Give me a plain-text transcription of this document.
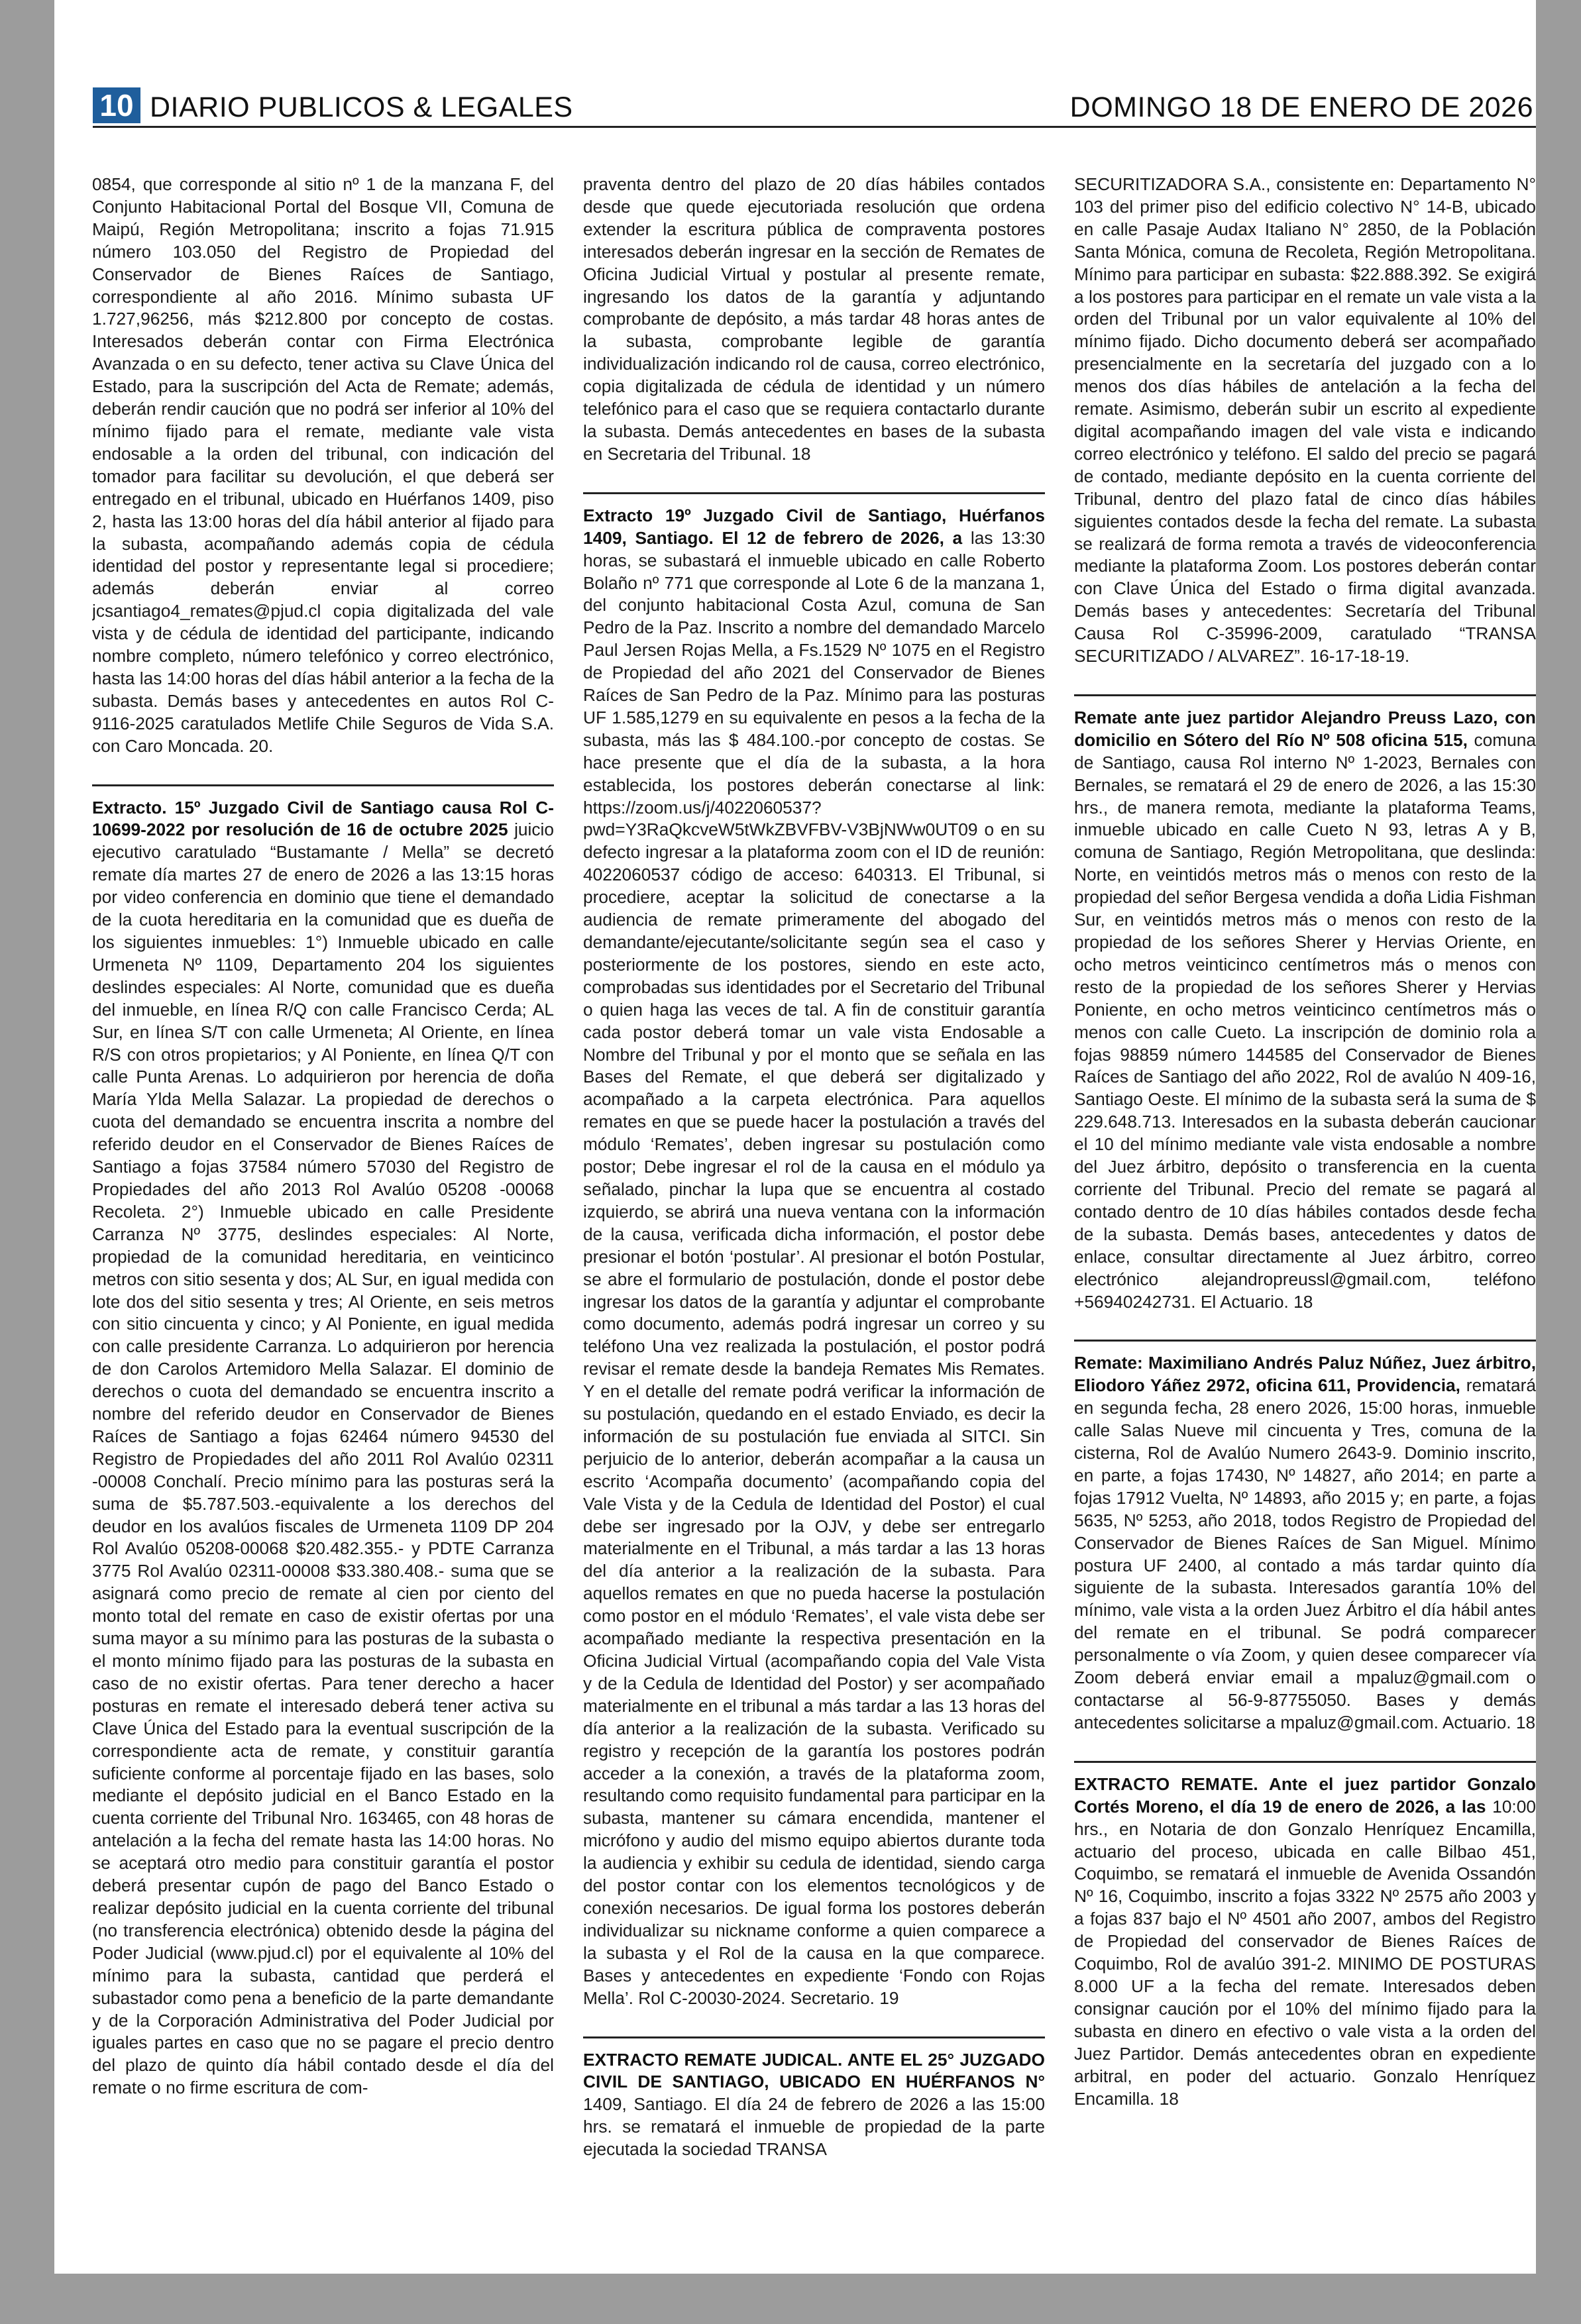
10 DIARIO PUBLICOS & LEGALES	DOMINGO 18 DE ENERO DE 2026

0854, que corresponde al sitio nº 1 de la manzana F, del Conjunto Habitacional Portal del Bosque VII, Comuna de Maipú, Región Metropolitana; inscrito a fojas 71.915 número 103.050 del Registro de Propiedad del Conservador de Bienes Raíces de Santiago, correspondiente al año 2016. Mínimo subasta UF 1.727,96256, más $212.800 por concepto de costas. Interesados deberán contar con Firma Electrónica Avanzada o en su defecto, tener activa su Clave Única del Estado, para la suscripción del Acta de Remate; además, deberán rendir caución que no podrá ser inferior al 10% del mínimo fijado para el remate, mediante vale vista endosable a la orden del tribunal, con indicación del tomador para facilitar su devolución, el que deberá ser entregado en el tribunal, ubicado en Huérfanos 1409, piso 2, hasta las 13:00 horas del día hábil anterior al fijado para la subasta, acompañando además copia de cédula identidad del postor y representante legal si procediere; además deberán enviar al correo jcsantiago4_remates@pjud.cl copia digitalizada del vale vista y de cédula de identidad del participante, indicando nombre completo, número telefónico y correo electrónico, hasta las 14:00 horas del días hábil anterior a la fecha de la subasta. Demás bases y antecedentes en autos Rol C-9116-2025 caratulados Metlife Chile Seguros de Vida S.A. con Caro Moncada. 20.

Extracto. 15º Juzgado Civil de Santiago causa Rol C-10699-2022 por resolución de 16 de octubre 2025 juicio ejecutivo caratulado “Bustamante / Mella” se decretó remate día martes 27 de enero de 2026 a las 13:15 horas por video conferencia en dominio que tiene el demandado de la cuota hereditaria en la comunidad que es dueña de los siguientes inmuebles: 1°) Inmueble ubicado en calle Urmeneta Nº 1109, Departamento 204 los siguientes deslindes especiales: Al Norte, comunidad que es dueña del inmueble, en línea R/Q con calle Francisco Cerda; AL Sur, en línea S/T con calle Urmeneta; Al Oriente, en línea R/S con otros propietarios; y Al Poniente, en línea Q/T con calle Punta Arenas. Lo adquirieron por herencia de doña María Ylda Mella Salazar. La propiedad de derechos o cuota del demandado se encuentra inscrita a nombre del referido deudor en el Conservador de Bienes Raíces de Santiago a fojas 37584 número 57030 del Registro de Propiedades del año 2013 Rol Avalúo 05208 -00068 Recoleta. 2°) Inmueble ubicado en calle Presidente Carranza Nº 3775, deslindes especiales: Al Norte, propiedad de la comunidad hereditaria, en veinticinco metros con sitio sesenta y dos; AL Sur, en igual medida con lote dos del sitio sesenta y tres; Al Oriente, en seis metros con sitio cincuenta y cinco; y Al Poniente, en igual medida con calle presidente Carranza. Lo adquirieron por herencia de don Carolos Artemidoro Mella Salazar. El dominio de derechos o cuota del demandado se encuentra inscrito a nombre del referido deudor en Conservador de Bienes Raíces de Santiago a fojas 62464 número 94530 del Registro de Propiedades del año 2011 Rol Avalúo 02311 -00008 Conchalí. Precio mínimo para las posturas será la suma de $5.787.503.-equivalente a los derechos del deudor en los avalúos fiscales de Urmeneta 1109 DP 204 Rol Avalúo 05208-00068 $20.482.355.- y PDTE Carranza 3775 Rol Avalúo 02311-00008 $33.380.408.- suma que se asignará como precio de remate al cien por ciento del monto total del remate en caso de existir ofertas por una suma mayor a su mínimo para las posturas de la subasta o el monto mínimo fijado para las posturas de la subasta en caso de no existir ofertas. Para tener derecho a hacer posturas en remate el interesado deberá tener activa su Clave Única del Estado para la eventual suscripción de la correspondiente acta de remate, y constituir garantía suficiente conforme al porcentaje fijado en las bases, solo mediante el depósito judicial en el Banco Estado en la cuenta corriente del Tribunal Nro. 163465, con 48 horas de antelación a la fecha del remate hasta las 14:00 horas. No se aceptará otro medio para constituir garantía el postor deberá presentar cupón de pago del Banco Estado o realizar depósito judicial en la cuenta corriente del tribunal (no transferencia electrónica) obtenido desde la página del Poder Judicial (www.pjud.cl) por el equivalente al 10% del mínimo para la subasta, cantidad que perderá el subastador como pena a beneficio de la parte demandante y de la Corporación Administrativa del Poder Judicial por iguales partes en caso que no se pagare el precio dentro del plazo de quinto día hábil contado desde el día del remate o no firme escritura de com-

praventa dentro del plazo de 20 días hábiles contados desde que quede ejecutoriada resolución que ordena extender la escritura pública de compraventa postores interesados deberán ingresar en la sección de Remates de Oficina Judicial Virtual y postular al presente remate, ingresando los datos de la garantía y adjuntando comprobante de depósito, a más tardar 48 horas antes de la subasta, comprobante legible de garantía individualización indicando rol de causa, correo electrónico, copia digitalizada de cédula de identidad y un número telefónico para el caso que se requiera contactarlo durante la subasta. Demás antecedentes en bases de la subasta en Secretaria del Tribunal. 18

Extracto 19º Juzgado Civil de Santiago, Huérfanos 1409, Santiago. El 12 de febrero de 2026, a las 13:30 horas, se subastará el inmueble ubicado en calle Roberto Bolaño nº 771 que corresponde al Lote 6 de la manzana 1, del conjunto habitacional Costa Azul, comuna de San Pedro de la Paz. Inscrito a nombre del demandado Marcelo Paul Jersen Rojas Mella, a Fs.1529 Nº 1075 en el Registro de Propiedad del año 2021 del Conservador de Bienes Raíces de San Pedro de la Paz. Mínimo para las posturas UF 1.585,1279 en su equivalente en pesos a la fecha de la subasta, más las $ 484.100.-por concepto de costas. Se hace presente que el día de la subasta, a la hora establecida, los postores deberán conectarse al link: https://zoom.us/j/4022060537?pwd=Y3RaQkcveW5tWkZBVFBV-V3BjNWw0UT09 o en su defecto ingresar a la plataforma zoom con el ID de reunión: 4022060537 código de acceso: 640313. El Tribunal, si procediere, aceptar la solicitud de conectarse a la audiencia de remate primeramente del abogado del demandante/ejecutante/solicitante según sea el caso y posteriormente de los postores, siendo en este acto, comprobadas sus identidades por el Secretario del Tribunal o quien haga las veces de tal. A fin de constituir garantía cada postor deberá tomar un vale vista Endosable a Nombre del Tribunal y por el monto que se señala en las Bases del Remate, el que deberá ser digitalizado y acompañado a la carpeta electrónica. Para aquellos remates en que se puede hacer la postulación a través del módulo ‘Remates’, deben ingresar su postulación como postor; Debe ingresar el rol de la causa en el módulo ya señalado, pinchar la lupa que se encuentra al costado izquierdo, se abrirá una nueva ventana con la información de la causa, verificada dicha información, el postor debe presionar el botón ‘postular’. Al presionar el botón Postular, se abre el formulario de postulación, donde el postor debe ingresar los datos de la garantía y adjuntar el comprobante como documento, además podrá ingresar un correo y su teléfono Una vez realizada la postulación, el postor podrá revisar el remate desde la bandeja Remates Mis Remates. Y en el detalle del remate podrá verificar la información de su postulación, quedando en el estado Enviado, es decir la información de su postulación fue enviada al SITCI. Sin perjuicio de lo anterior, deberán acompañar a la causa un escrito ‘Acompaña documento’ (acompañando copia del Vale Vista y de la Cedula de Identidad del Postor) el cual debe ser ingresado por la OJV, y debe ser entregarlo materialmente en el Tribunal, a más tardar a las 13 horas del día anterior a la realización de la subasta. Para aquellos remates en que no pueda hacerse la postulación como postor en el módulo ‘Remates’, el vale vista debe ser acompañado mediante la respectiva presentación en la Oficina Judicial Virtual (acompañando copia del Vale Vista y de la Cedula de Identidad del Postor) y ser acompañado materialmente en el tribunal a más tardar a las 13 horas del día anterior a la realización de la subasta. Verificado su registro y recepción de la garantía los postores podrán acceder a la conexión, a través de la plataforma zoom, resultando como requisito fundamental para participar en la subasta, mantener su cámara encendida, mantener el micrófono y audio del mismo equipo abiertos durante toda la audiencia y exhibir su cedula de identidad, siendo carga del postor contar con los elementos tecnológicos y de conexión necesarios. De igual forma los postores deberán individualizar su nickname conforme a quien comparece a la subasta y el Rol de la causa en la que comparece. Bases y antecedentes en expediente ‘Fondo con Rojas Mella’. Rol C-20030-2024. Secretario. 19

EXTRACTO REMATE JUDICAL. ANTE EL 25° JUZGADO CIVIL DE SANTIAGO, UBICADO EN HUÉRFANOS N° 1409, Santiago. El día 24 de febrero de 2026 a las 15:00 hrs. se rematará el inmueble de propiedad de la parte ejecutada la sociedad TRANSA

SECURITIZADORA S.A., consistente en: Departamento N° 103 del primer piso del edificio colectivo N° 14-B, ubicado en calle Pasaje Audax Italiano N° 2850, de la Población Santa Mónica, comuna de Recoleta, Región Metropolitana. Mínimo para participar en subasta: $22.888.392. Se exigirá a los postores para participar en el remate un vale vista a la orden del Tribunal por un valor equivalente al 10% del mínimo fijado. Dicho documento deberá ser acompañado presencialmente en la secretaría del juzgado con a lo menos dos días hábiles de antelación a la fecha del remate. Asimismo, deberán subir un escrito al expediente digital acompañando imagen del vale vista e indicando correo electrónico y teléfono. El saldo del precio se pagará de contado, mediante depósito en la cuenta corriente del Tribunal, dentro del plazo fatal de cinco días hábiles siguientes contados desde la fecha del remate. La subasta se realizará de forma remota a través de videoconferencia mediante la plataforma Zoom. Los postores deberán contar con Clave Única del Estado o firma digital avanzada. Demás bases y antecedentes: Secretaría del Tribunal Causa Rol C-35996-2009, caratulado “TRANSA SECURITIZADO / ALVAREZ”. 16-17-18-19.

Remate ante juez partidor Alejandro Preuss Lazo, con domicilio en Sótero del Río Nº 508 oficina 515, comuna de Santiago, causa Rol interno Nº 1-2023, Bernales con Bernales, se rematará el 29 de enero de 2026, a las 15:30 hrs., de manera remota, mediante la plataforma Teams, inmueble ubicado en calle Cueto N 93, letras A y B, comuna de Santiago, Región Metropolitana, que deslinda: Norte, en veintidós metros más o menos con resto de la propiedad del señor Bergesa vendida a doña Lidia Fishman Sur, en veintidós metros más o menos con resto de la propiedad de los señores Sherer y Hervias Oriente, en ocho metros veinticinco centímetros más o menos con resto de la propiedad de los señores Sherer y Hervias Poniente, en ocho metros veinticinco centímetros más o menos con calle Cueto. La inscripción de dominio rola a fojas 98859 número 144585 del Conservador de Bienes Raíces de Santiago del año 2022, Rol de avalúo N 409-16, Santiago Oeste. El mínimo de la subasta será la suma de $ 229.648.713. Interesados en la subasta deberán caucionar el 10 del mínimo mediante vale vista endosable a nombre del Juez árbitro, depósito o transferencia en la cuenta corriente del Tribunal. Precio del remate se pagará al contado dentro de 10 días hábiles contados desde fecha de la subasta. Demás bases, antecedentes y datos de enlace, consultar directamente al Juez árbitro, correo electrónico alejandropreussl@gmail.com, teléfono +56940242731. El Actuario. 18

Remate: Maximiliano Andrés Paluz Núñez, Juez árbitro, Eliodoro Yáñez 2972, oficina 611, Providencia, rematará en segunda fecha, 28 enero 2026, 15:00 horas, inmueble calle Salas Nueve mil cincuenta y Tres, comuna de la cisterna, Rol de Avalúo Numero 2643-9. Dominio inscrito, en parte, a fojas 17430, Nº 14827, año 2014; en parte a fojas 17912 Vuelta, Nº 14893, año 2015 y; en parte, a fojas 5635, Nº 5253, año 2018, todos Registro de Propiedad del Conservador de Bienes Raíces de San Miguel. Mínimo postura UF 2400, al contado a más tardar quinto día siguiente de la subasta. Interesados garantía 10% del mínimo, vale vista a la orden Juez Árbitro el día hábil antes del remate en el tribunal. Se podrá comparecer personalmente o vía Zoom, y quien desee comparecer vía Zoom deberá enviar email a mpaluz@gmail.com o contactarse al 56-9-87755050. Bases y demás antecedentes solicitarse a mpaluz@gmail.com. Actuario. 18

EXTRACTO REMATE. Ante el juez partidor Gonzalo Cortés Moreno, el día 19 de enero de 2026, a las 10:00 hrs., en Notaria de don Gonzalo Henríquez Encamilla, actuario del proceso, ubicada en calle Bilbao 451, Coquimbo, se rematará el inmueble de Avenida Ossandón Nº 16, Coquimbo, inscrito a fojas 3322 Nº 2575 año 2003 y a fojas 837 bajo el Nº 4501 año 2007, ambos del Registro de Propiedad del conservador de Bienes Raíces de Coquimbo, Rol de avalúo 391-2. MINIMO DE POSTURAS 8.000 UF a la fecha del remate. Interesados deben consignar caución por el 10% del mínimo fijado para la subasta en dinero en efectivo o vale vista a la orden del Juez Partidor. Demás antecedentes obran en expediente arbitral, en poder del actuario. Gonzalo Henríquez Encamilla. 18
